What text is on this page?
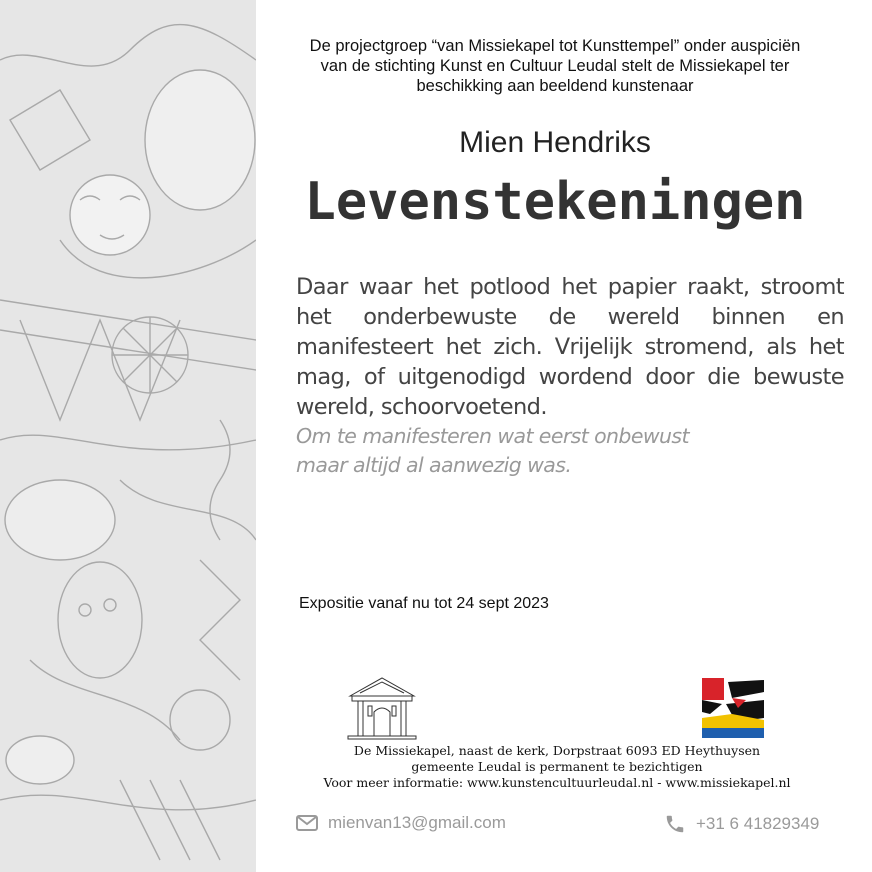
De projectgroep “van Missiekapel tot Kunsttempel” onder auspiciën
van de stichting Kunst en Cultuur Leudal stelt de Missiekapel ter
beschikking aan beeldend kunstenaar
Mien Hendriks
Levenstekeningen
Daar waar het potlood het papier raakt, stroomt het onderbewuste de wereld binnen en manifesteert het zich. Vrijelijk stromend, als het mag, of uitgenodigd wordend door die bewuste wereld, schoorvoetend.
Om te manifesteren wat eerst onbewust
maar altijd al aanwezig was.
Expositie vanaf nu tot 24 sept 2023
De Missiekapel, naast de kerk, Dorpstraat 6093 ED Heythuysen
gemeente Leudal is permanent te bezichtigen
Voor meer informatie: www.kunstencultuurleudal.nl - www.missiekapel.nl
mienvan13@gmail.com	+31 6 41829349
